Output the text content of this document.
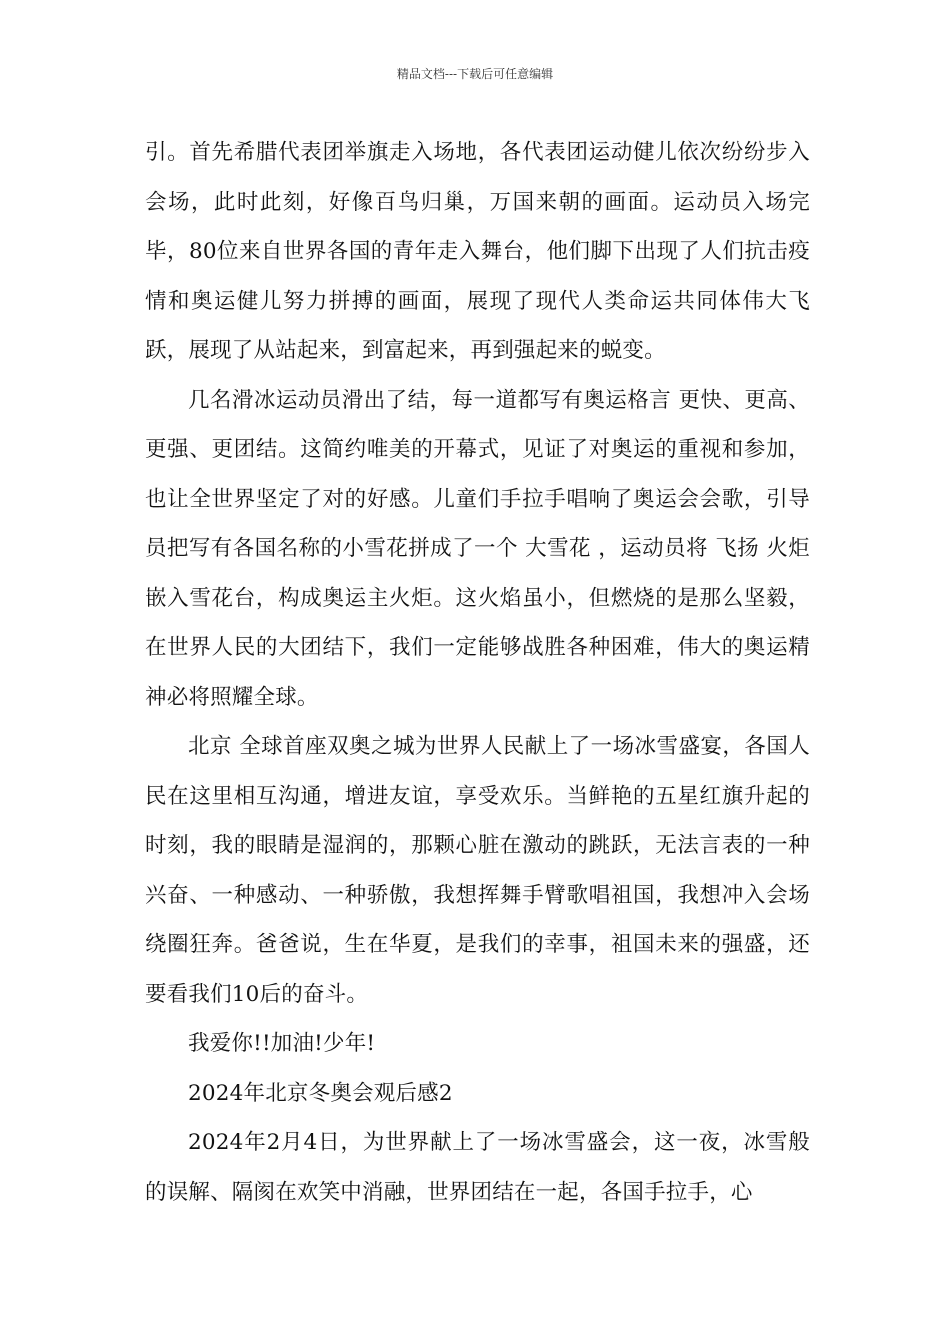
精品文档---下载后可任意编辑

引。首先希腊代表团举旗走入场地，各代表团运动健儿依次纷纷步入会场，此时此刻，好像百鸟归巢，万国来朝的画面。运动员入场完毕，80位来自世界各国的青年走入舞台，他们脚下出现了人们抗击疫情和奥运健儿努力拼搏的画面，展现了现代人类命运共同体伟大飞跃，展现了从站起来，到富起来，再到强起来的蜕变。

几名滑冰运动员滑出了结，每一道都写有奥运格言 更快、更高、更强、更团结。这简约唯美的开幕式，见证了对奥运的重视和参加，也让全世界坚定了对的好感。儿童们手拉手唱响了奥运会会歌，引导员把写有各国名称的小雪花拼成了一个 大雪花 ，运动员将 飞扬 火炬嵌入雪花台，构成奥运主火炬。这火焰虽小，但燃烧的是那么坚毅，在世界人民的大团结下，我们一定能够战胜各种困难，伟大的奥运精神必将照耀全球。

北京 全球首座双奥之城为世界人民献上了一场冰雪盛宴，各国人民在这里相互沟通，增进友谊，享受欢乐。当鲜艳的五星红旗升起的时刻，我的眼睛是湿润的，那颗心脏在激动的跳跃，无法言表的一种兴奋、一种感动、一种骄傲，我想挥舞手臂歌唱祖国，我想冲入会场绕圈狂奔。爸爸说，生在华夏，是我们的幸事，祖国未来的强盛，还要看我们10后的奋斗。

我爱你!!加油!少年!

2024年北京冬奥会观后感2

2024年2月4日，为世界献上了一场冰雪盛会，这一夜，冰雪般的误解、隔阂在欢笑中消融，世界团结在一起，各国手拉手，心
